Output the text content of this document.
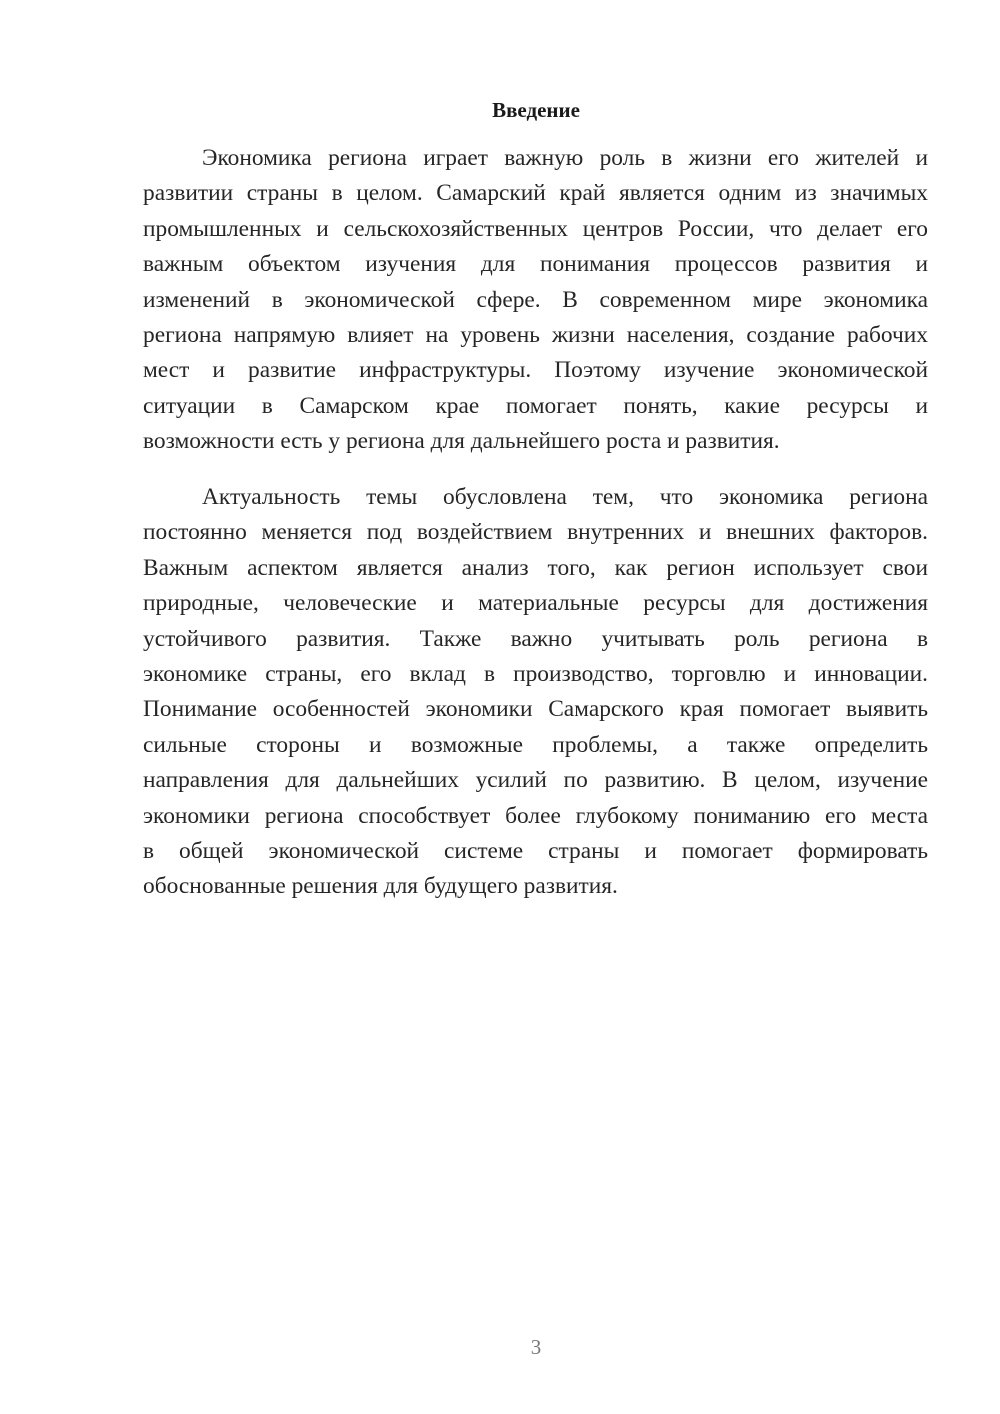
Введение
Экономика региона играет важную роль в жизни его жителей и
развитии страны в целом. Самарский край является одним из значимых
промышленных и сельскохозяйственных центров России, что делает его
важным объектом изучения для понимания процессов развития и
изменений в экономической сфере. В современном мире экономика
региона напрямую влияет на уровень жизни населения, создание рабочих
мест и развитие инфраструктуры. Поэтому изучение экономической
ситуации в Самарском крае помогает понять, какие ресурсы и
возможности есть у региона для дальнейшего роста и развития.
Актуальность темы обусловлена тем, что экономика региона
постоянно меняется под воздействием внутренних и внешних факторов.
Важным аспектом является анализ того, как регион использует свои
природные, человеческие и материальные ресурсы для достижения
устойчивого развития. Также важно учитывать роль региона в
экономике страны, его вклад в производство, торговлю и инновации.
Понимание особенностей экономики Самарского края помогает выявить
сильные стороны и возможные проблемы, а также определить
направления для дальнейших усилий по развитию. В целом, изучение
экономики региона способствует более глубокому пониманию его места
в общей экономической системе страны и помогает формировать
обоснованные решения для будущего развития.
3
